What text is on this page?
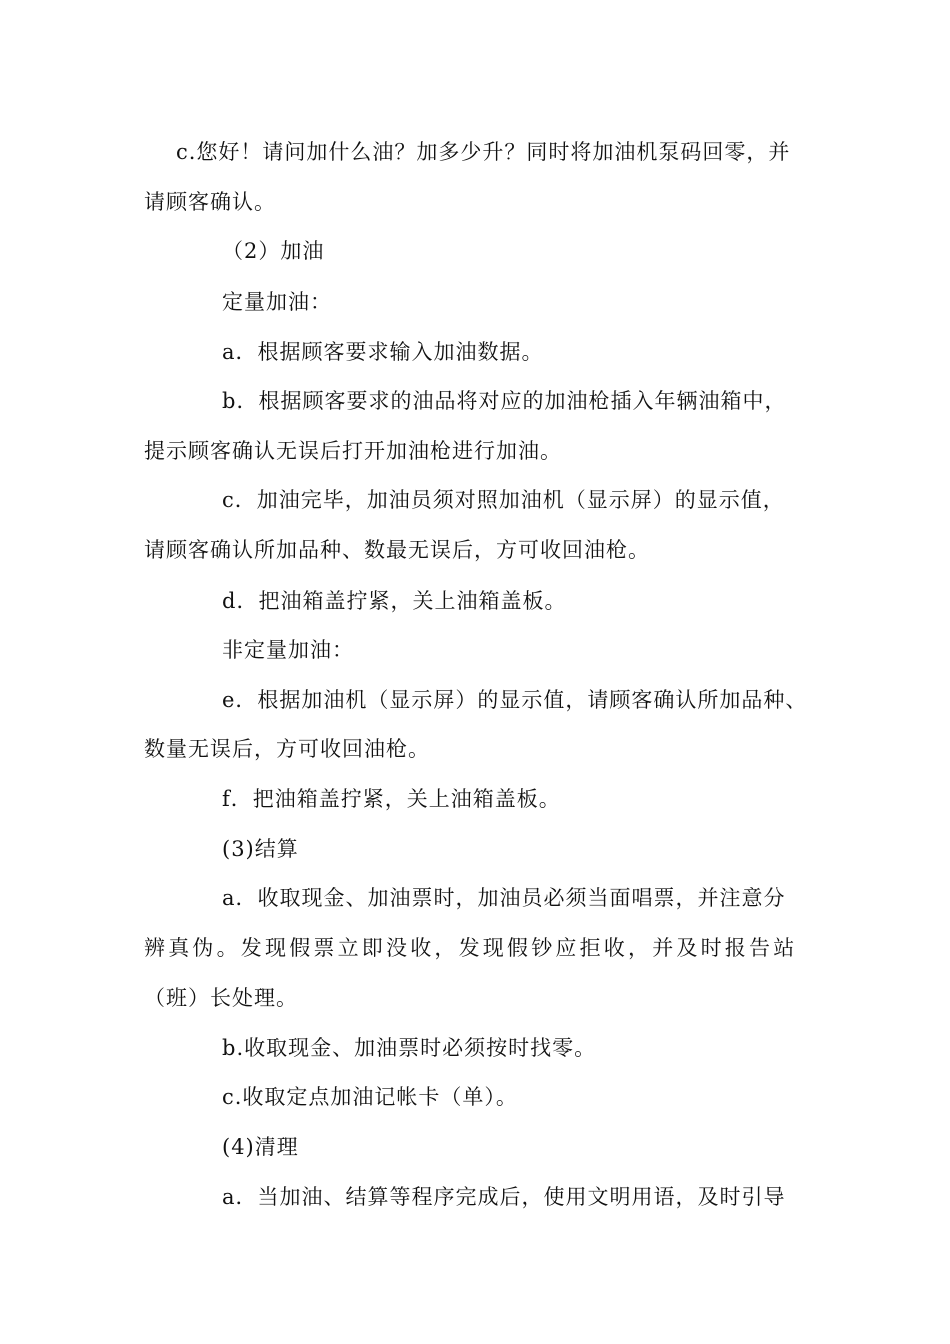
c.您好！请问加什么油？加多少升？同时将加油机泵码回零，并
请顾客确认。
（2）加油
定量加油：
a．根据顾客要求输入加油数据。
b．根据顾客要求的油品将对应的加油枪插入年辆油箱中，
提示顾客确认无误后打开加油枪进行加油。
c．加油完毕，加油员须对照加油机（显示屏）的显示值，
请顾客确认所加品种、数最无误后，方可收回油枪。
d．把油箱盖拧紧，关上油箱盖板。
非定量加油：
e．根据加油机（显示屏）的显示值，请顾客确认所加品种、
数量无误后，方可收回油枪。
f．把油箱盖拧紧，关上油箱盖板。
(3)结算
a．收取现金、加油票时，加油员必须当面唱票，并注意分
辨真伪。发现假票立即没收，发现假钞应拒收，并及时报告站
（班）长处理。
b.收取现金、加油票时必须按时找零。
c.收取定点加油记帐卡（单）。
(4)清理
a．当加油、结算等程序完成后，使用文明用语，及时引导
